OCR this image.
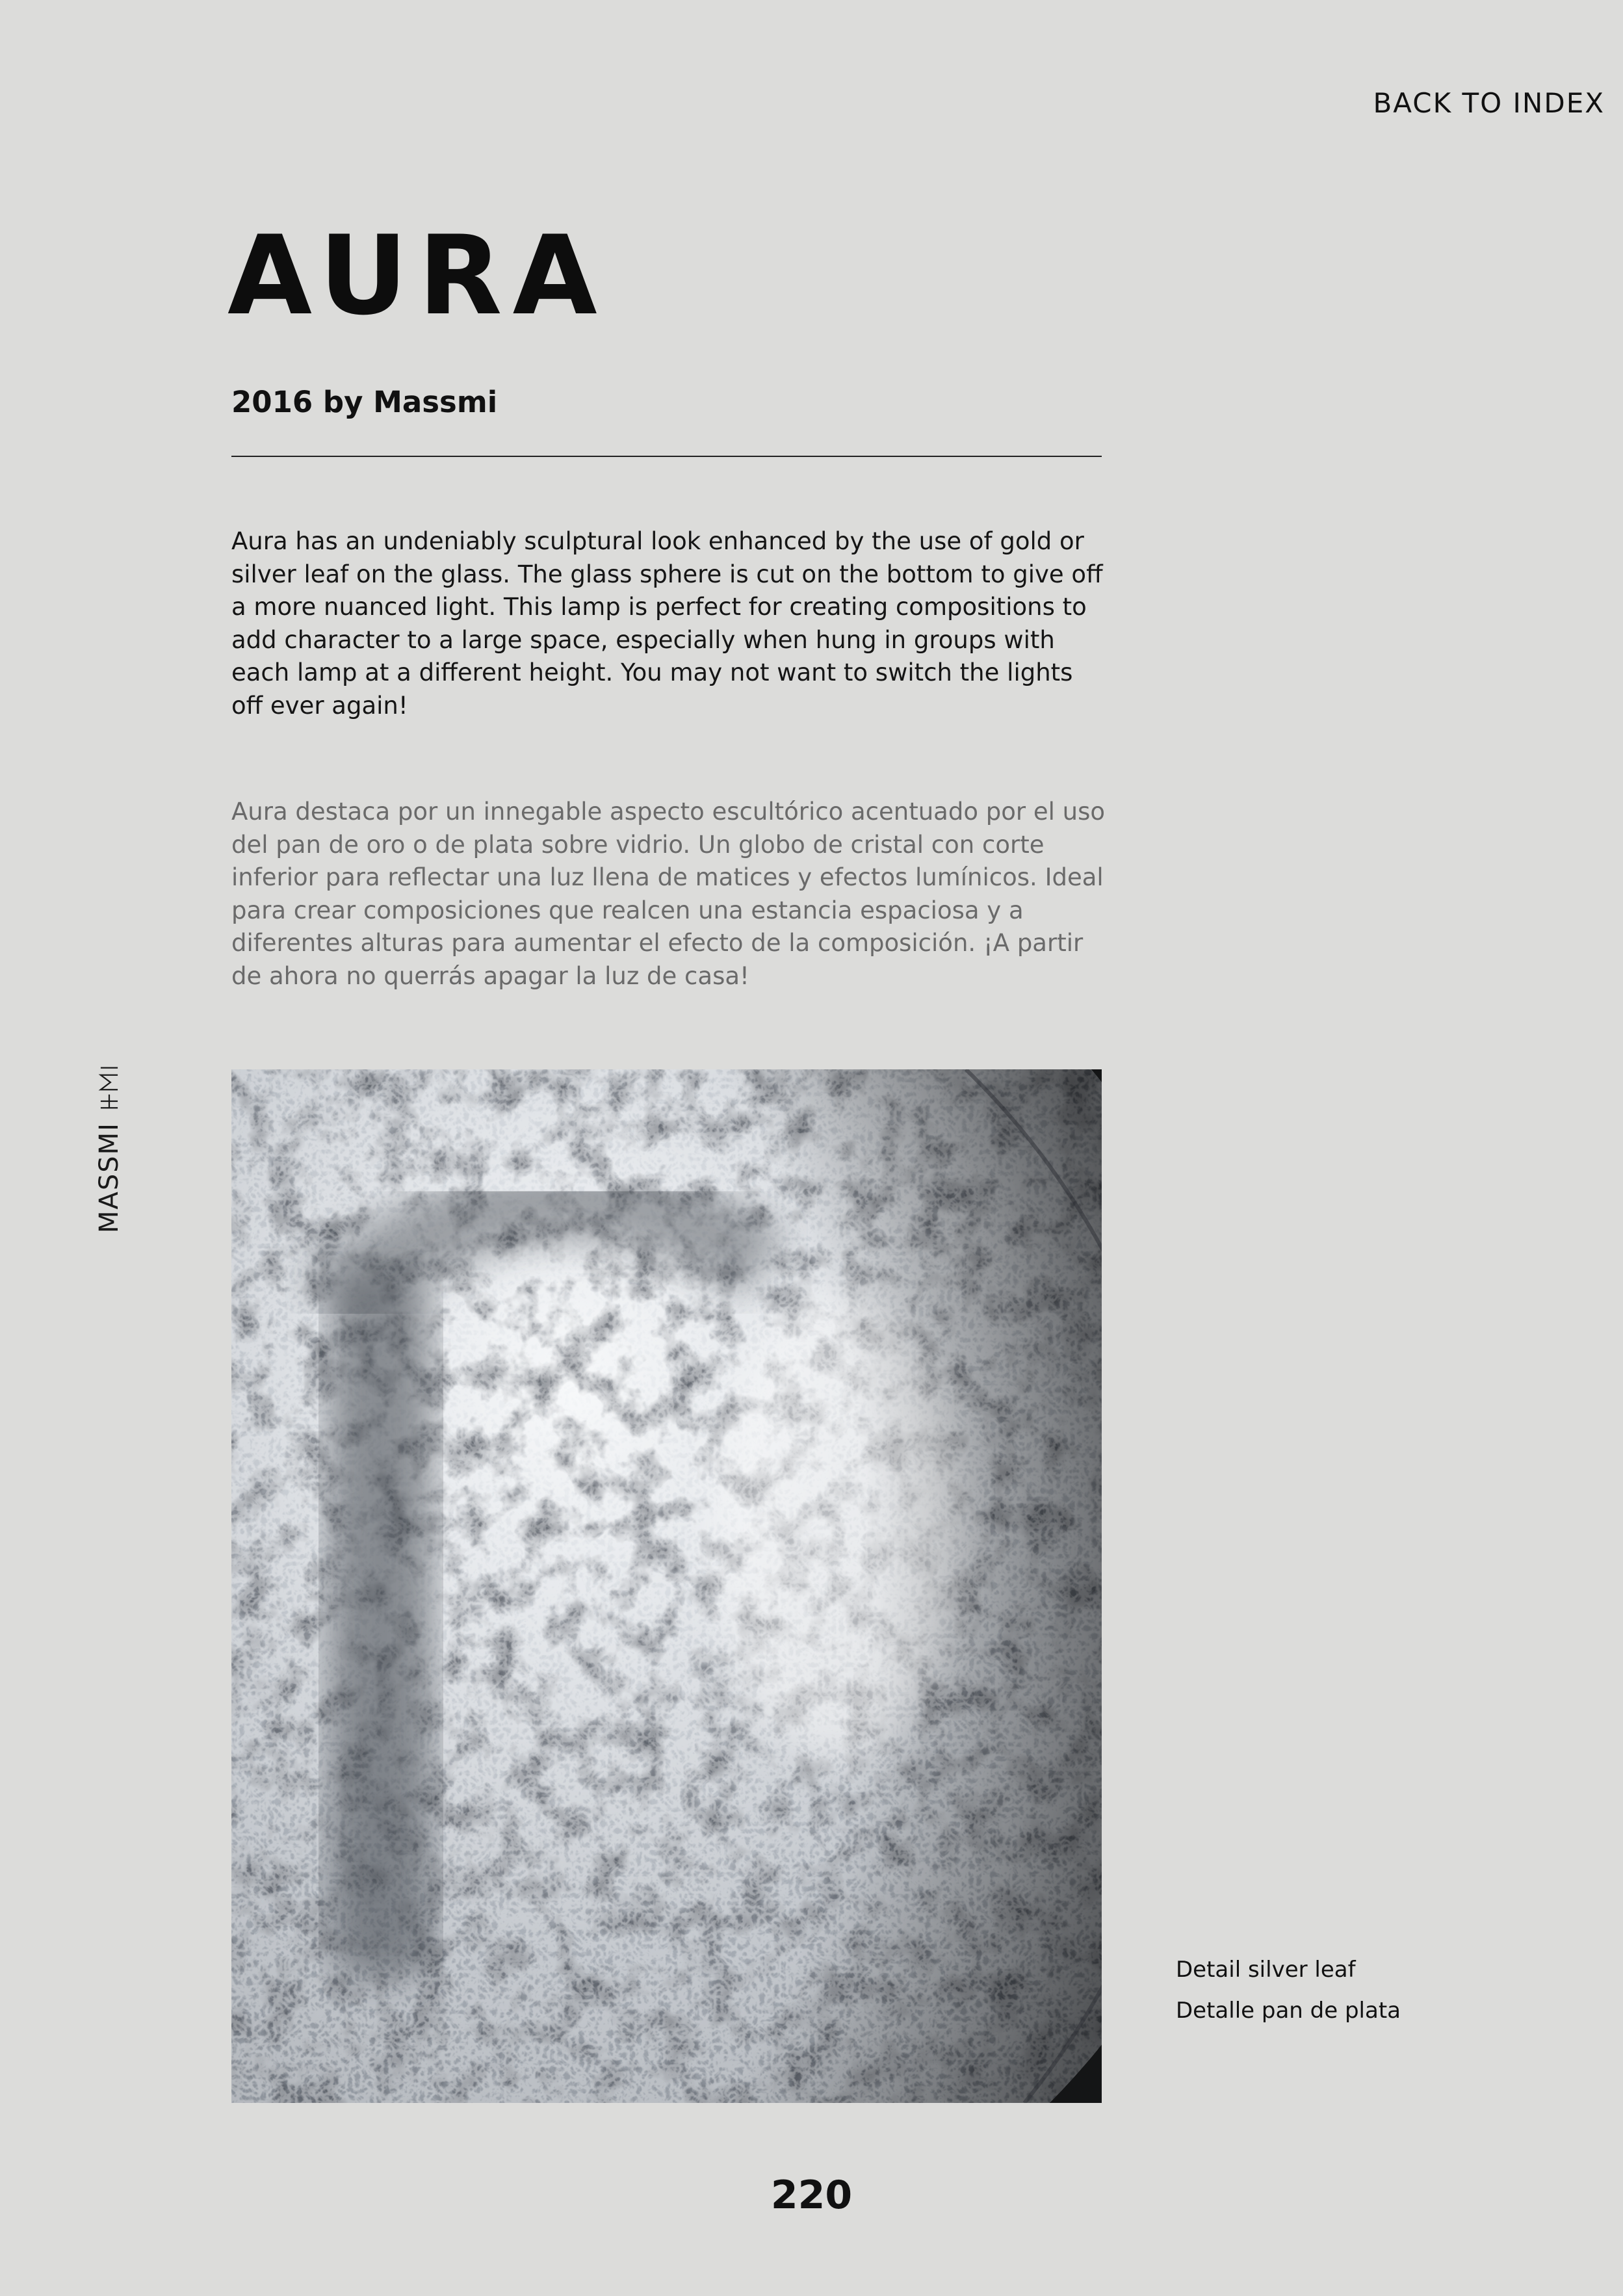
BACK TO INDEX
AURA
2016 by Massmi

Aura has an undeniably sculptural look enhanced by the use of gold or silver leaf on the glass. The glass sphere is cut on the bottom to give off a more nuanced light. This lamp is perfect for creating compositions to add character to a large space, especially when hung in groups with each lamp at a different height. You may not want to switch the lights off ever again!

Aura destaca por un innegable aspecto escultórico acentuado por el uso del pan de oro o de plata sobre vidrio. Un globo de cristal con corte inferior para reflectar una luz llena de matices y efectos lumínicos. Ideal para crear composiciones que realcen una estancia espaciosa y a diferentes alturas para aumentar el efecto de la composición. ¡A partir de ahora no querrás apagar la luz de casa!

MASSMI

Detail silver leaf

Detalle pan de plata

220
